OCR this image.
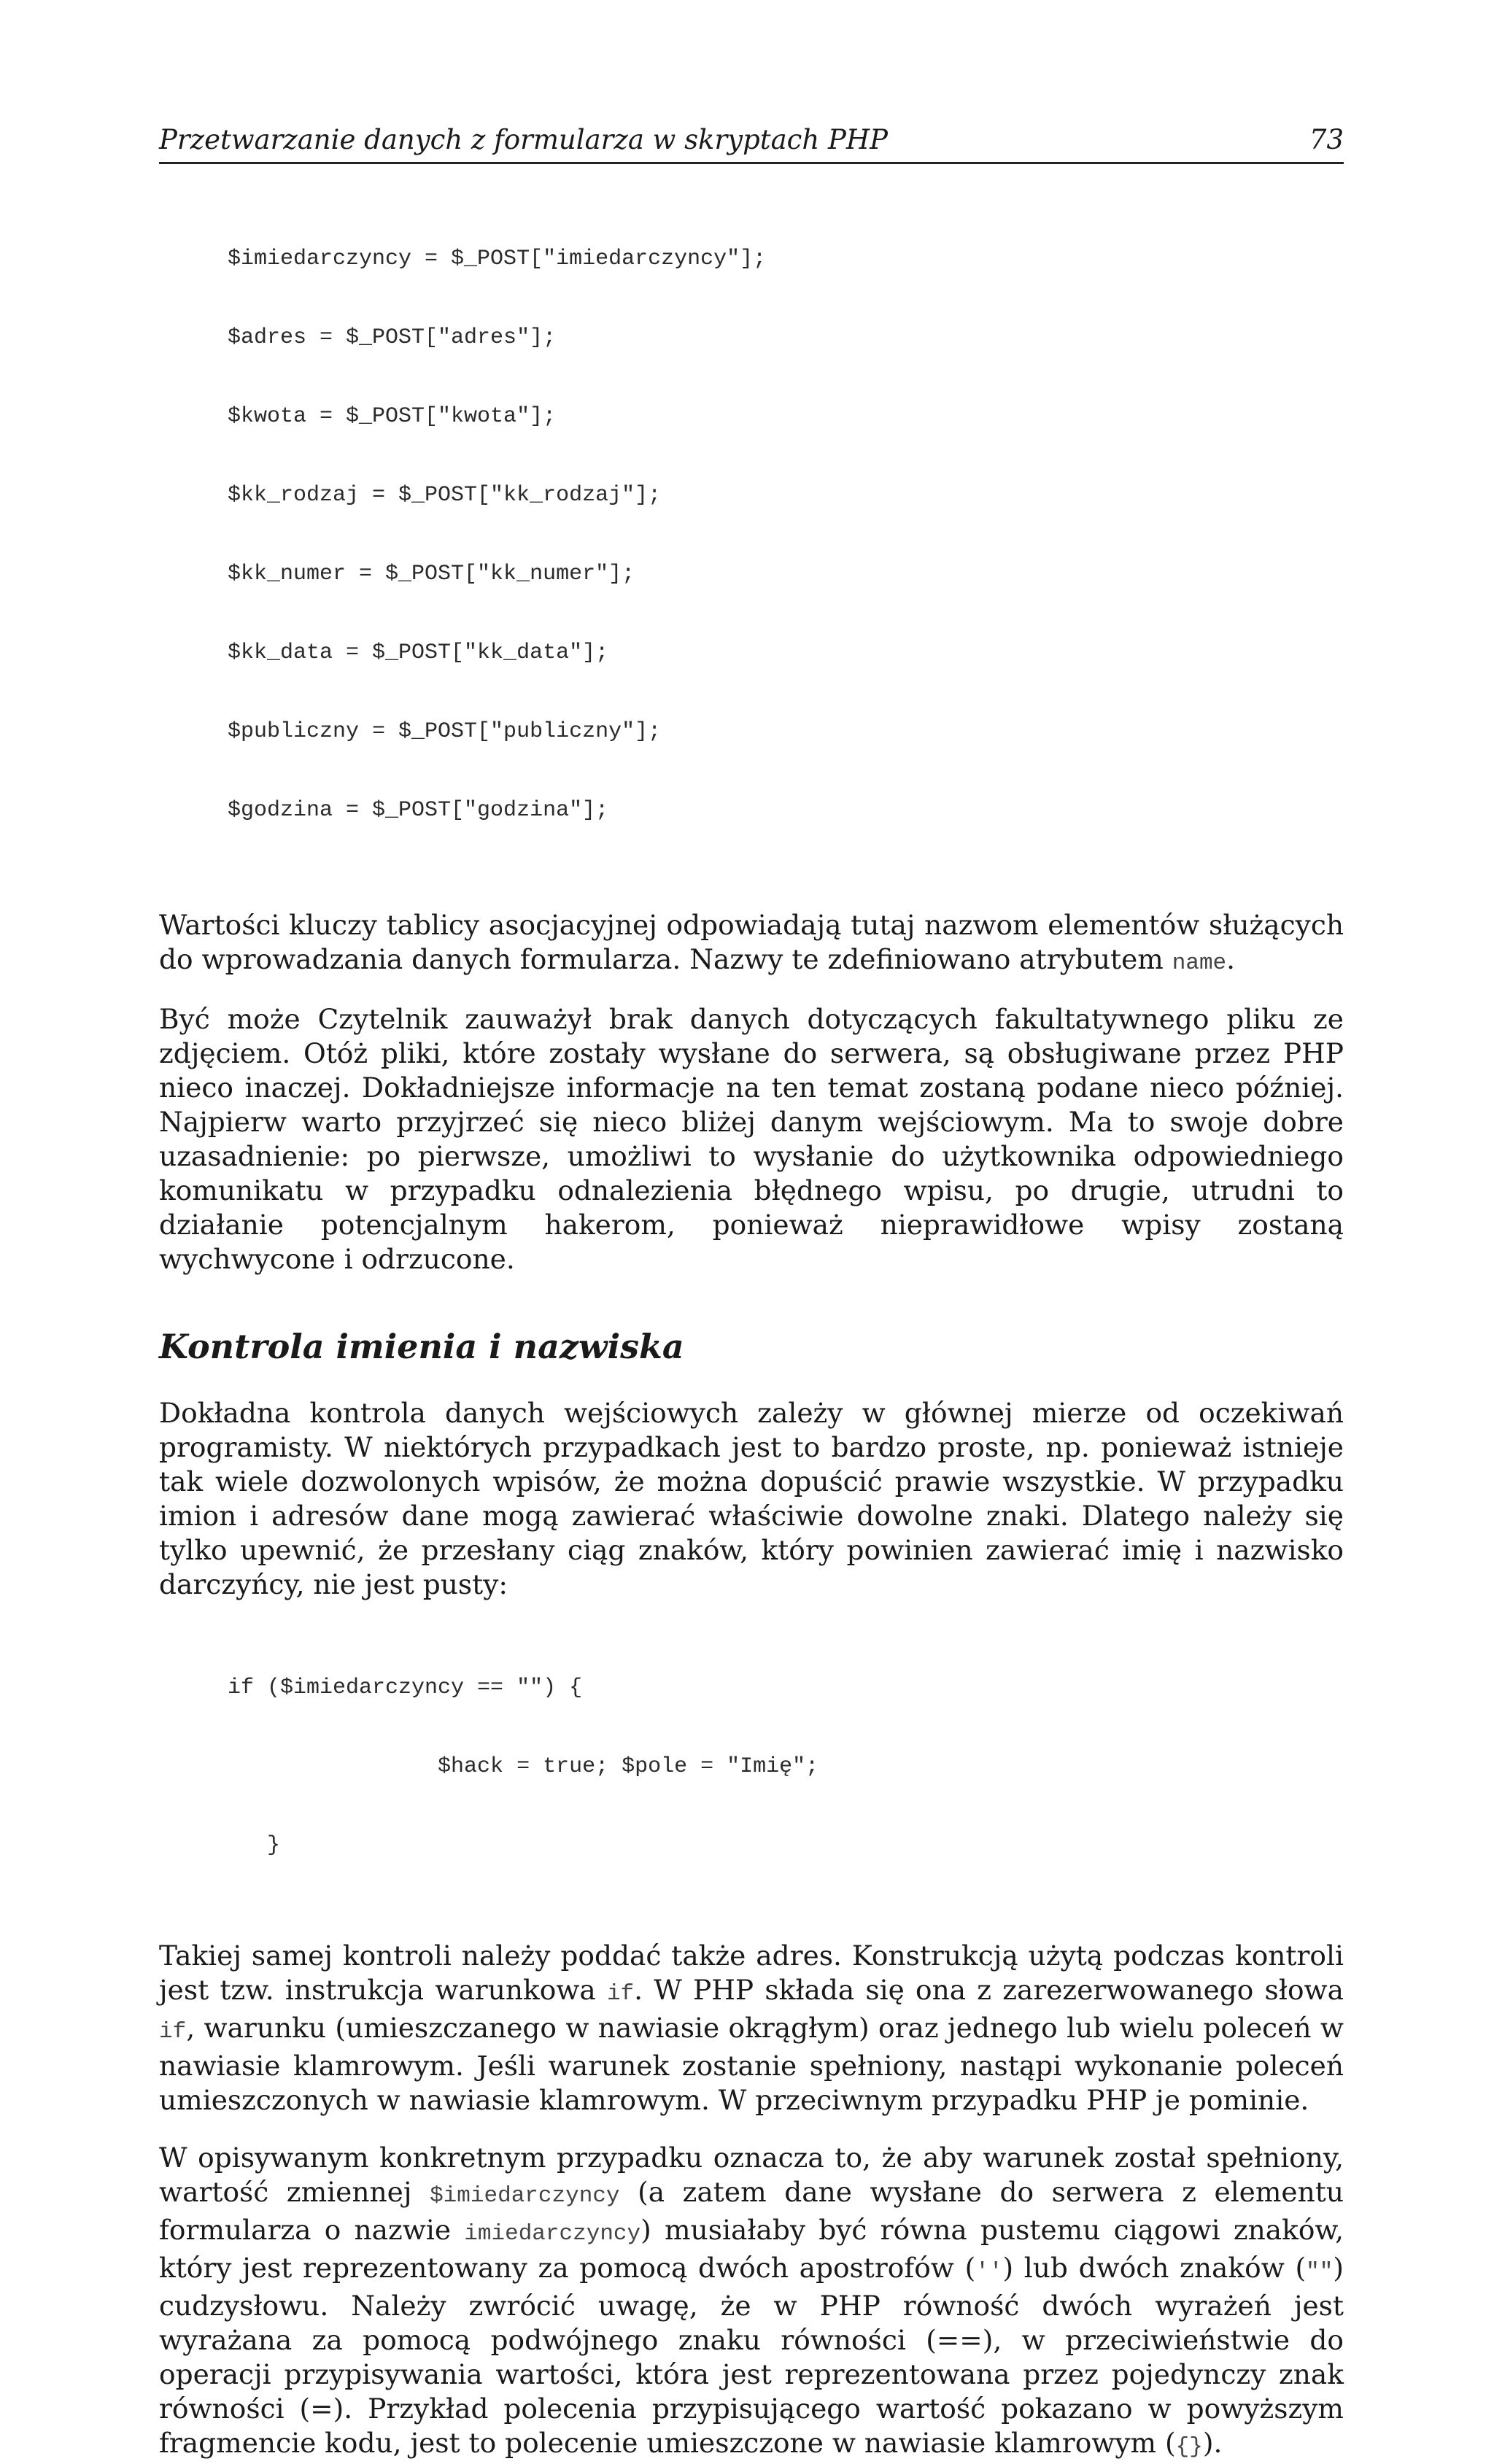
Przetwarzanie danych z formularza w skryptach PHP	73

$imiedarczyncy = $_POST["imiedarczyncy"];

$adres = $_POST["adres"];

$kwota = $_POST["kwota"];

$kk_rodzaj = $_POST["kk_rodzaj"];

$kk_numer = $_POST["kk_numer"];

$kk_data = $_POST["kk_data"];

$publiczny = $_POST["publiczny"];

$godzina = $_POST["godzina"];

Wartości kluczy tablicy asocjacyjnej odpowiadają tutaj nazwom elementów służących do wprowadzania danych formularza. Nazwy te zdefiniowano atrybutem name.

Być może Czytelnik zauważył brak danych dotyczących fakultatywnego pliku ze zdjęciem. Otóż pliki, które zostały wysłane do serwera, są obsługiwane przez PHP nieco inaczej. Dokładniejsze informacje na ten temat zostaną podane nieco później. Najpierw warto przyjrzeć się nieco bliżej danym wejściowym. Ma to swoje dobre uzasadnienie: po pierwsze, umożliwi to wysłanie do użytkownika odpowiedniego komunikatu w przypadku odnalezienia błędnego wpisu, po drugie, utrudni to działanie potencjalnym hakerom, ponieważ nieprawidłowe wpisy zostaną wychwycone i odrzucone.

Kontrola imienia i nazwiska

Dokładna kontrola danych wejściowych zależy w głównej mierze od oczekiwań programisty. W niektórych przypadkach jest to bardzo proste, np. ponieważ istnieje tak wiele dozwolonych wpisów, że można dopuścić prawie wszystkie. W przypadku imion i adresów dane mogą zawierać właściwie dowolne znaki. Dlatego należy się tylko upewnić, że przesłany ciąg znaków, który powinien zawierać imię i nazwisko darczyńcy, nie jest pusty:

if ($imiedarczyncy == "") {

$hack = true; $pole = "Imię";

}

Takiej samej kontroli należy poddać także adres. Konstrukcją użytą podczas kontroli jest tzw. instrukcja warunkowa if. W PHP składa się ona z zarezerwowanego słowa if, warunku (umieszczanego w nawiasie okrągłym) oraz jednego lub wielu poleceń w nawiasie klamrowym. Jeśli warunek zostanie spełniony, nastąpi wykonanie poleceń umieszczonych w nawiasie klamrowym. W przeciwnym przypadku PHP je pominie.

W opisywanym konkretnym przypadku oznacza to, że aby warunek został spełniony, wartość zmiennej $imiedarczyncy (a zatem dane wysłane do serwera z elementu formularza o nazwie imiedarczyncy) musiałaby być równa pustemu ciągowi znaków, który jest reprezentowany za pomocą dwóch apostrofów ('') lub dwóch znaków ("") cudzysłowu. Należy zwrócić uwagę, że w PHP równość dwóch wyrażeń jest wyrażana za pomocą podwójnego znaku równości (==), w przeciwieństwie do operacji przypisywania wartości, która jest reprezentowana przez pojedynczy znak równości (=). Przykład polecenia przypisującego wartość pokazano w powyższym fragmencie kodu, jest to polecenie umieszczone w nawiasie klamrowym ({}).
